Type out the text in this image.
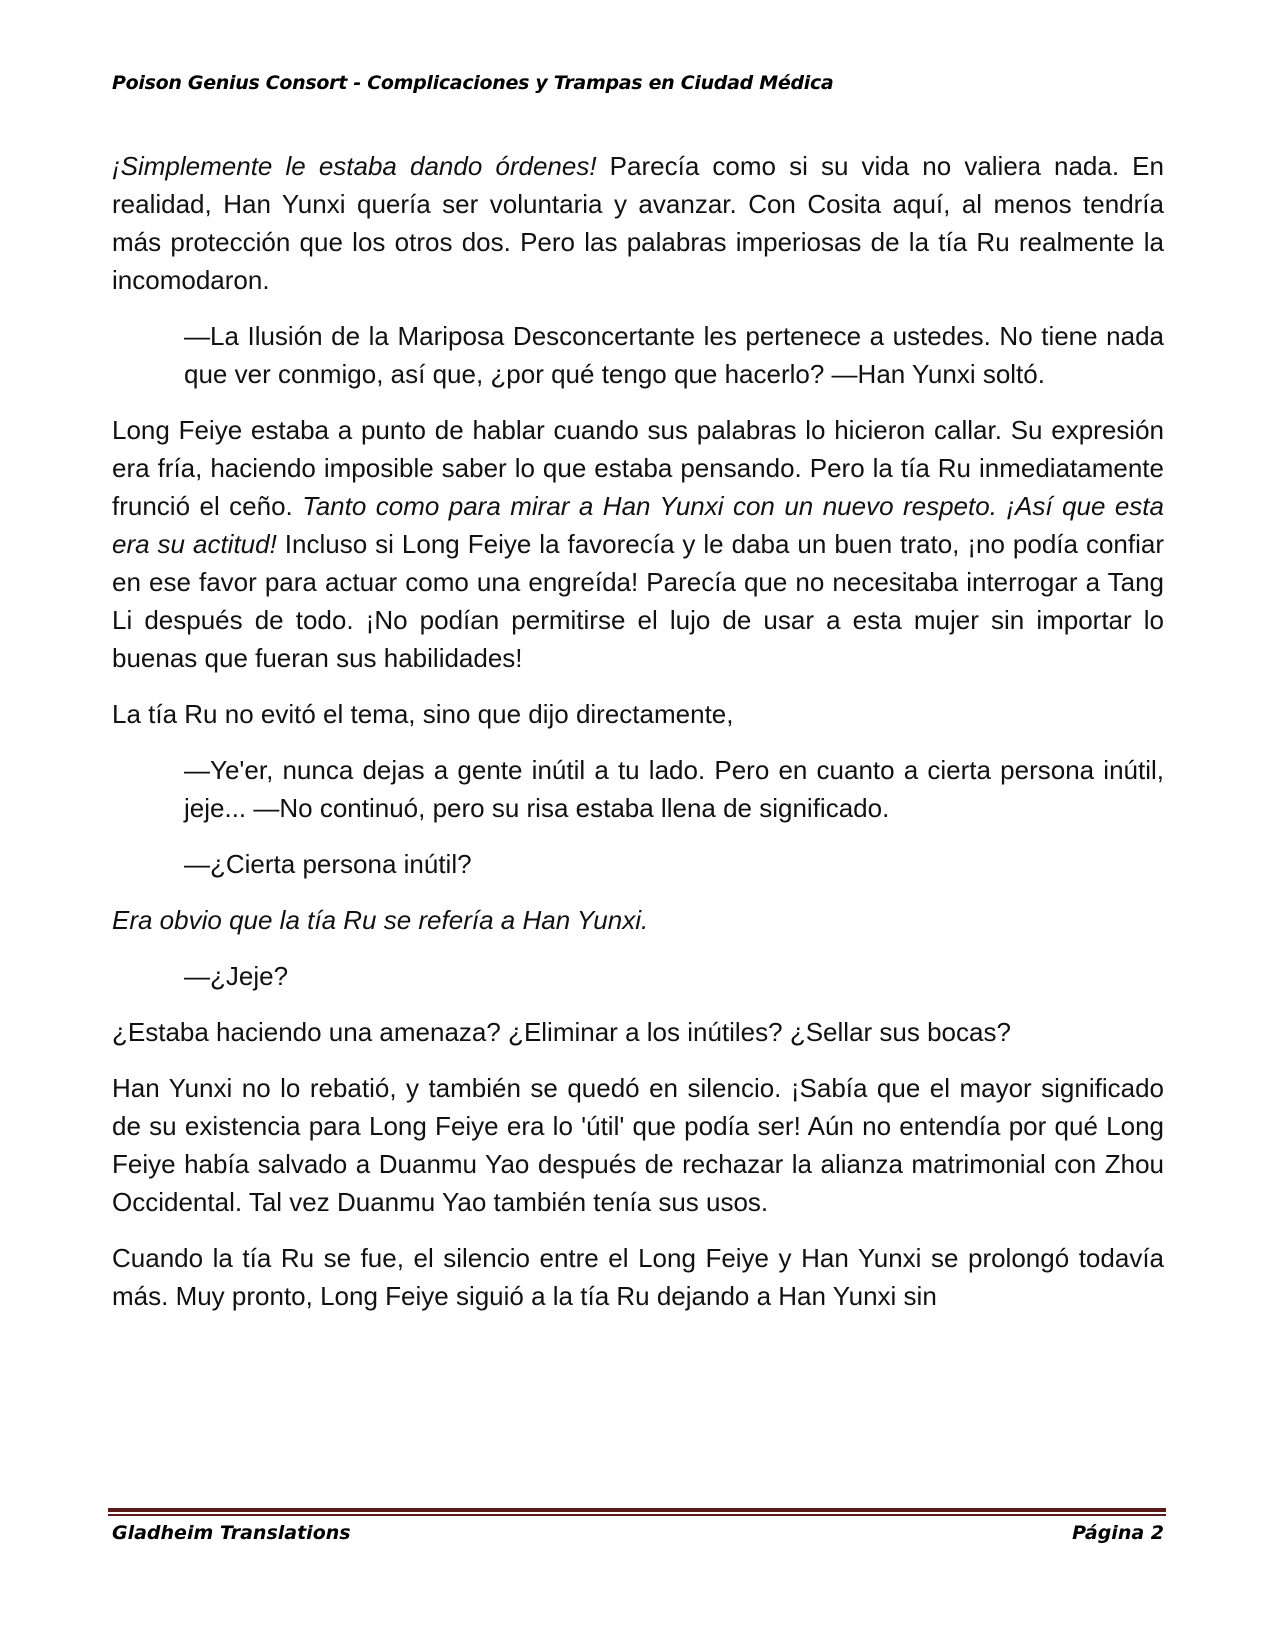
Poison Genius Consort - Complicaciones y Trampas en Ciudad Médica

¡Simplemente le estaba dando órdenes! Parecía como si su vida no valiera nada. En realidad, Han Yunxi quería ser voluntaria y avanzar. Con Cosita aquí, al menos tendría más protección que los otros dos. Pero las palabras imperiosas de la tía Ru realmente la incomodaron.

—La Ilusión de la Mariposa Desconcertante les pertenece a ustedes. No tiene nada que ver conmigo, así que, ¿por qué tengo que hacerlo? —Han Yunxi soltó.

Long Feiye estaba a punto de hablar cuando sus palabras lo hicieron callar. Su expresión era fría, haciendo imposible saber lo que estaba pensando. Pero la tía Ru inmediatamente frunció el ceño. Tanto como para mirar a Han Yunxi con un nuevo respeto. ¡Así que esta era su actitud! Incluso si Long Feiye la favorecía y le daba un buen trato, ¡no podía confiar en ese favor para actuar como una engreída! Parecía que no necesitaba interrogar a Tang Li después de todo. ¡No podían permitirse el lujo de usar a esta mujer sin importar lo buenas que fueran sus habilidades!

La tía Ru no evitó el tema, sino que dijo directamente,

—Ye'er, nunca dejas a gente inútil a tu lado. Pero en cuanto a cierta persona inútil, jeje... —No continuó, pero su risa estaba llena de significado.

—¿Cierta persona inútil?

Era obvio que la tía Ru se refería a Han Yunxi.

—¿Jeje?

¿Estaba haciendo una amenaza? ¿Eliminar a los inútiles? ¿Sellar sus bocas?

Han Yunxi no lo rebatió, y también se quedó en silencio. ¡Sabía que el mayor significado de su existencia para Long Feiye era lo 'útil' que podía ser! Aún no entendía por qué Long Feiye había salvado a Duanmu Yao después de rechazar la alianza matrimonial con Zhou Occidental. Tal vez Duanmu Yao también tenía sus usos.

Cuando la tía Ru se fue, el silencio entre el Long Feiye y Han Yunxi se prolongó todavía más. Muy pronto, Long Feiye siguió a la tía Ru dejando a Han Yunxi sin

Gladheim Translations	Página 2
